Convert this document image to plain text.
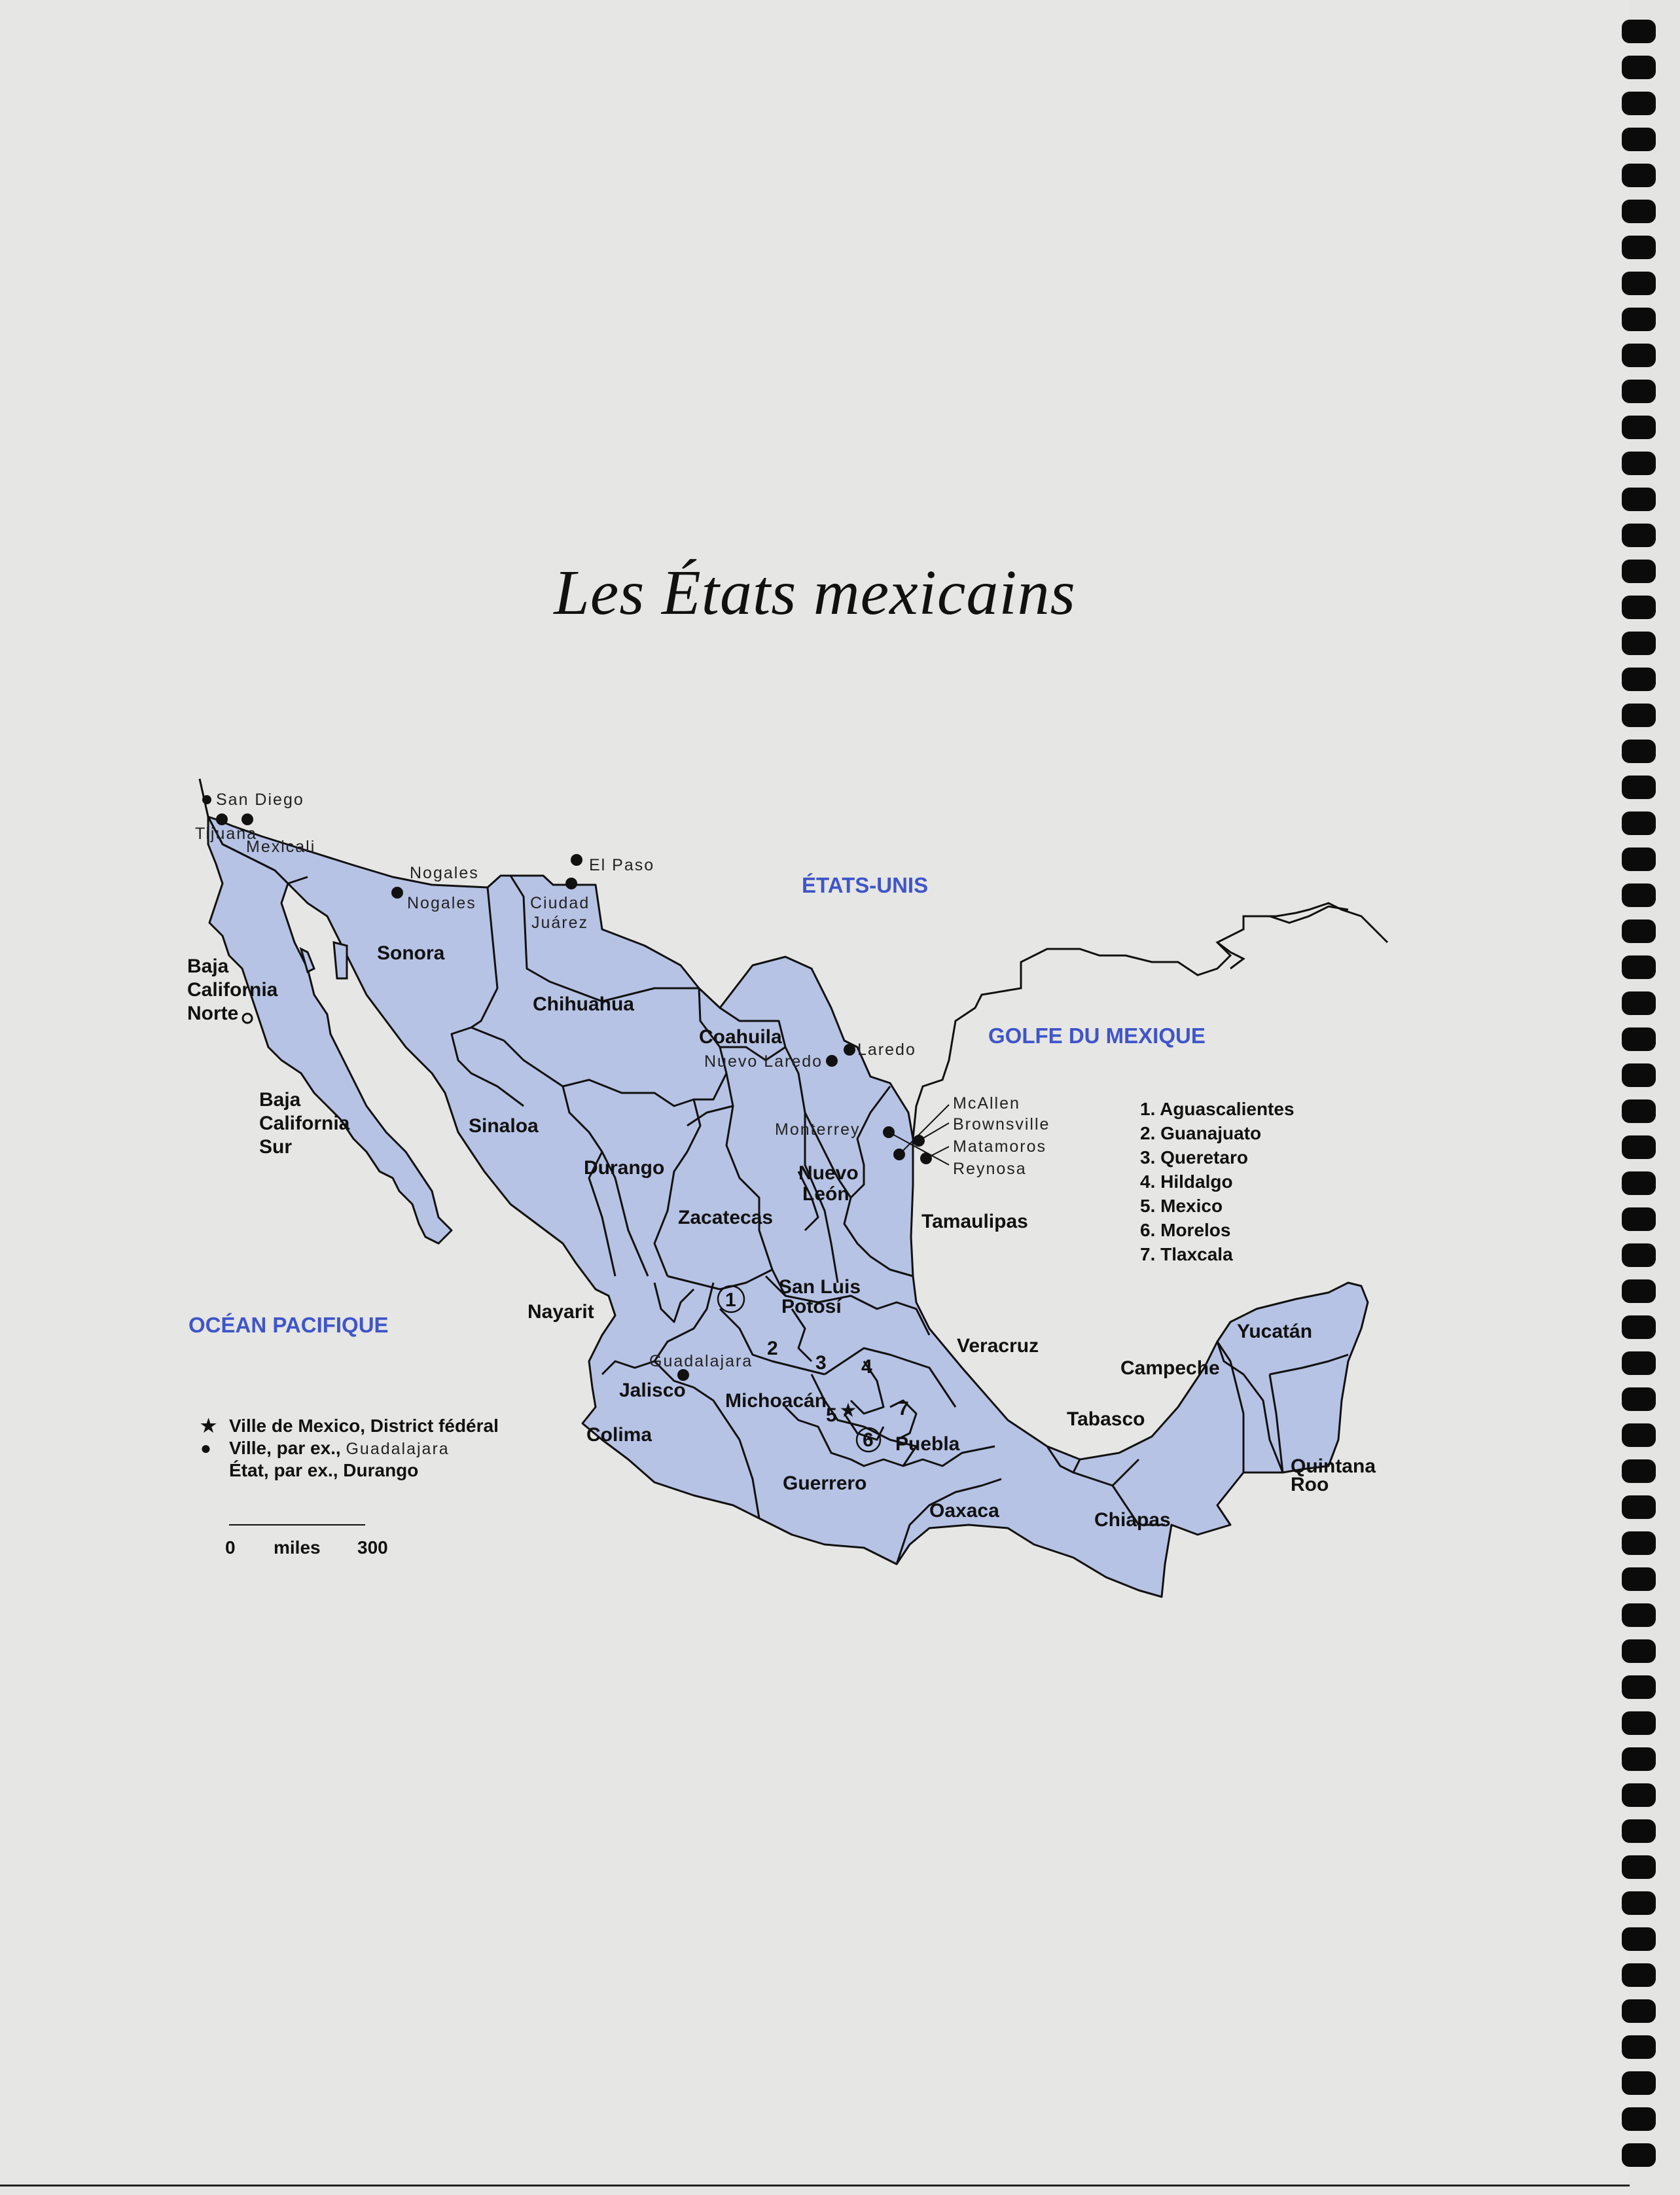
Les États mexicains
★
ÉTATS-UNIS
GOLFE DU MEXIQUE
OCÉAN PACIFIQUE
Baja
California
Norte
Baja
California
Sur
Sonora
Chihuahua
Coahuila
Sinaloa
Durango	Nuevo
León
Tamaulipas
Zacatecas
San Luis
Potosí
Nayarit
Jalisco
Colima
Michoacán
Guerrero
Oaxaca
Puebla
Veracruz
Tabasco
Chiapas
Campeche
Yucatán
Quintana
Roo
1
2
3 4
5
6
7
San Diego
Tijuana
Mexicali
Nogales
Nogales
El Paso
Ciudad
Juárez
Laredo
Nuevo Laredo
Monterrey
McAllen
Brownsville
Matamoros
Reynosa
Guadalajara
1. Aguascalientes
2. Guanajuato
3. Queretaro
4. Hildalgo
5. Mexico
6. Morelos
7. Tlaxcala
★ Ville de Mexico, District fédéral
● Ville, par ex., Guadalajara
État, par ex., Durango
0 miles 300
